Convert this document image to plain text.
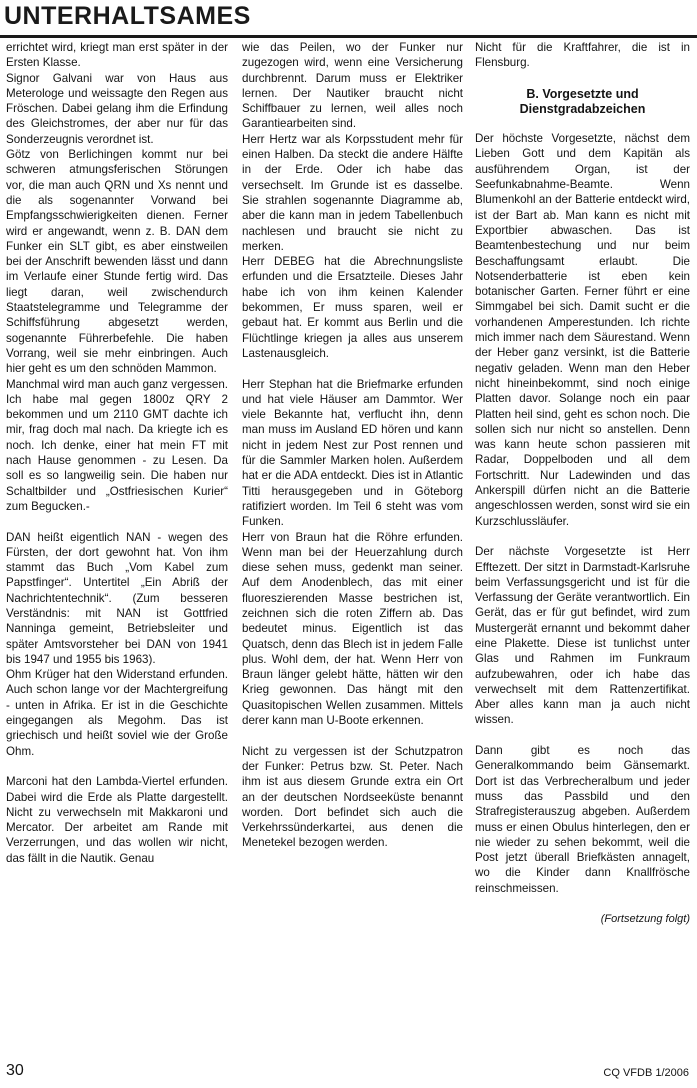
UNTERHALTSAMES

errichtet wird, kriegt man erst später in der Ersten Klasse.

Signor Galvani war von Haus aus Meterologe und weissagte den Regen aus Fröschen. Dabei gelang ihm die Erfindung des Gleichstromes, der aber nur für das Sonderzeugnis verordnet ist.

Götz von Berlichingen kommt nur bei schweren atmungsferischen Störungen vor, die man auch QRN und Xs nennt und die als sogenannter Vorwand bei Empfangsschwierigkeiten dienen. Ferner wird er angewandt, wenn z. B. DAN dem Funker ein SLT gibt, es aber einstweilen bei der Anschrift bewenden lässt und dann im Verlaufe einer Stunde fertig wird. Das liegt daran, weil zwischendurch Staatstelegramme und Telegramme der Schiffsführung abgesetzt werden, sogenannte Führerbefehle. Die haben Vorrang, weil sie mehr einbringen. Auch hier geht es um den schnöden Mammon.

Manchmal wird man auch ganz vergessen. Ich habe mal gegen 1800z QRY 2 bekommen und um 2110 GMT dachte ich mir, frag doch mal nach. Da kriegte ich es noch. Ich denke, einer hat mein FT mit nach Hause genommen - zu Lesen. Da soll es so langweilig sein. Die haben nur Schaltbilder und „Ostfriesischen Kurier“ zum Begucken.-

DAN heißt eigentlich NAN - wegen des Fürsten, der dort gewohnt hat. Von ihm stammt das Buch „Vom Kabel zum Papstfinger“. Untertitel „Ein Abriß der Nachrichtentechnik“. (Zum besseren Verständnis: mit NAN ist Gottfried Nanninga gemeint, Betriebsleiter und später Amtsvorsteher bei DAN von 1941 bis 1947 und 1955 bis 1963).

Ohm Krüger hat den Widerstand erfunden. Auch schon lange vor der Machtergreifung - unten in Afrika. Er ist in die Geschichte eingegangen als Megohm. Das ist griechisch und heißt soviel wie der Große Ohm.

Marconi hat den Lambda-Viertel erfunden. Dabei wird die Erde als Platte dargestellt. Nicht zu verwechseln mit Makkaroni und Mercator. Der arbeitet am Rande mit Verzerrungen, und das wollen wir nicht, das fällt in die Nautik. Genau

wie das Peilen, wo der Funker nur zugezogen wird, wenn eine Versicherung durchbrennt. Darum muss er Elektriker lernen. Der Nautiker braucht nicht Schiffbauer zu lernen, weil alles noch Garantiearbeiten sind.

Herr Hertz war als Korpsstudent mehr für einen Halben. Da steckt die andere Hälfte in der Erde. Oder ich habe das versechselt. Im Grunde ist es dasselbe. Sie strahlen sogenannte Diagramme ab, aber die kann man in jedem Tabellenbuch nachlesen und braucht sie nicht zu merken.

Herr DEBEG hat die Abrechnungsliste erfunden und die Ersatzteile. Dieses Jahr habe ich von ihm keinen Kalender bekommen, Er muss sparen, weil er gebaut hat. Er kommt aus Berlin und die Flüchtlinge kriegen ja alles aus unserem Lastenausgleich.

Herr Stephan hat die Briefmarke erfunden und hat viele Häuser am Dammtor. Wer viele Bekannte hat, verflucht ihn, denn man muss im Ausland ED hören und kann nicht in jedem Nest zur Post rennen und für die Sammler Marken holen. Außerdem hat er die ADA entdeckt. Dies ist in Atlantic Titti herausgegeben und in Göteborg ratifiziert worden. Im Teil 6 steht was vom Funken.

Herr von Braun hat die Röhre erfunden. Wenn man bei der Heuerzahlung durch diese sehen muss, gedenkt man seiner. Auf dem Anodenblech, das mit einer fluoreszierenden Masse bestrichen ist, zeichnen sich die roten Ziffern ab. Das bedeutet minus. Eigentlich ist das Quatsch, denn das Blech ist in jedem Falle plus. Wohl dem, der hat. Wenn Herr von Braun länger gelebt hätte, hätten wir den Krieg gewonnen. Das hängt mit den Quasitopischen Wellen zusammen. Mittels derer kann man U-Boote erkennen.

Nicht zu vergessen ist der Schutzpatron der Funker: Petrus bzw. St. Peter. Nach ihm ist aus diesem Grunde extra ein Ort an der deutschen Nordseeküste benannt worden. Dort befindet sich auch die Verkehrssünderkartei, aus denen die Menetekel bezogen werden.

Nicht für die Kraftfahrer, die ist in Flensburg.

B. Vorgesetzte und Dienstgradabzeichen

Der höchste Vorgesetzte, nächst dem Lieben Gott und dem Kapitän als ausführendem Organ, ist der Seefunkabnahme-Beamte. Wenn Blumenkohl an der Batterie entdeckt wird, ist der Bart ab. Man kann es nicht mit Exportbier abwaschen. Das ist Beamtenbestechung und nur beim Beschaffungsamt erlaubt. Die Notsenderbatterie ist eben kein botanischer Garten. Ferner führt er eine Simmgabel bei sich. Damit sucht er die vorhandenen Amperestunden. Ich richte mich immer nach dem Säurestand. Wenn der Heber ganz versinkt, ist die Batterie negativ geladen. Wenn man den Heber nicht hineinbekommt, sind noch einige Platten davor. Solange noch ein paar Platten heil sind, geht es schon noch. Die sollen sich nur nicht so anstellen. Denn was kann heute schon passieren mit Radar, Doppelboden und all dem Fortschritt. Nur Ladewinden und das Ankerspill dürfen nicht an die Batterie angeschlossen werden, sonst wird sie ein Kurzschlussläufer.

Der nächste Vorgesetzte ist Herr Efftezett. Der sitzt in Darmstadt-Karlsruhe beim Verfassungsgericht und ist für die Verfassung der Geräte verantwortlich. Ein Gerät, das er für gut befindet, wird zum Mustergerät ernannt und bekommt daher eine Plakette. Diese ist tunlichst unter Glas und Rahmen im Funkraum aufzubewahren, oder ich habe das verwechselt mit dem Rattenzertifikat. Aber alles kann man ja auch nicht wissen.

Dann gibt es noch das Generalkommando beim Gänsemarkt. Dort ist das Verbrecheralbum und jeder muss das Passbild und den Strafregisterauszug abgeben. Außerdem muss er einen Obulus hinterlegen, den er nie wieder zu sehen bekommt, weil die Post jetzt überall Briefkästen annagelt, wo die Kinder dann Knallfrösche reinschmeissen.

(Fortsetzung folgt)

30	CQ VFDB 1/2006
